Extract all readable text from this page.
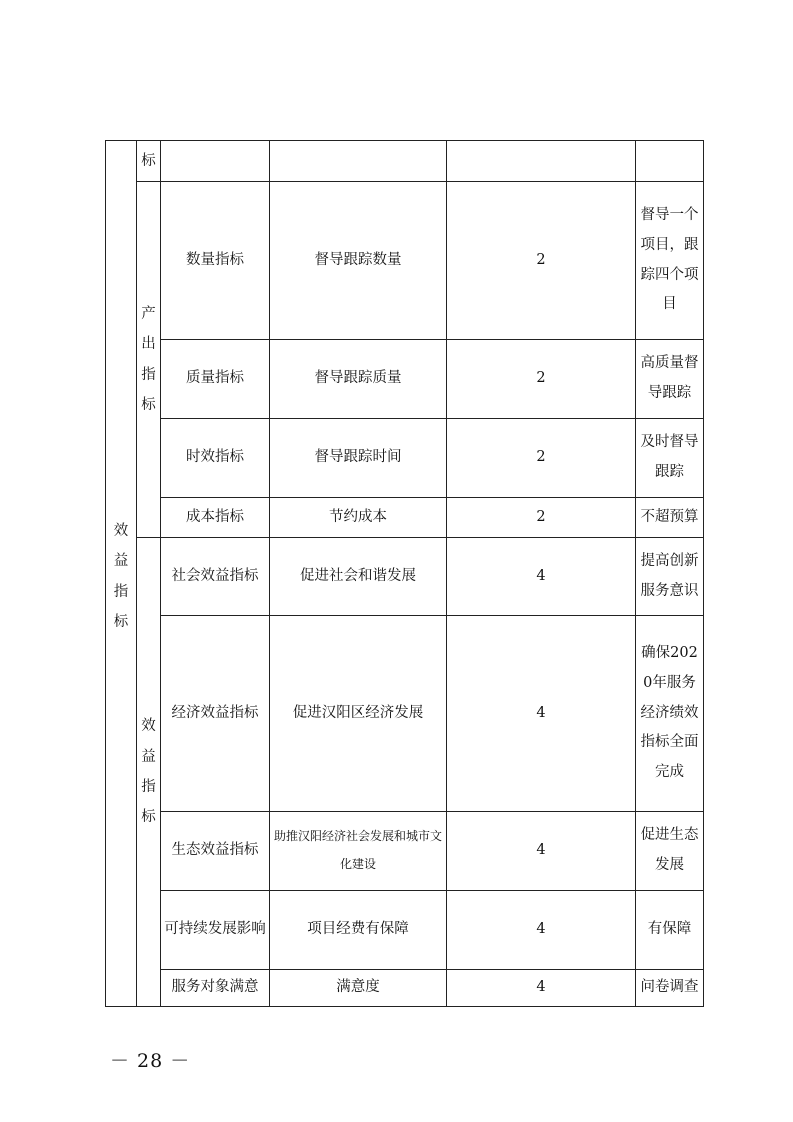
效益指标	标				

	产出指标	数量指标	督导跟踪数量	2	督导一个项目，跟踪四个项目

		质量指标	督导跟踪质量	2	高质量督导跟踪

		时效指标	督导跟踪时间	2	及时督导跟踪

		成本指标	节约成本	2	不超预算

	效益指标	社会效益指标	促进社会和谐发展	4	提高创新服务意识

		经济效益指标	促进汉阳区经济发展	4	确保2020年服务经济绩效指标全面完成

		生态效益指标	助推汉阳经济社会发展和城市文化建设	4	促进生态发展

		可持续发展影响	项目经费有保障	4	有保障
		服务对象满意	满意度	4	问卷调查
－ 28 －
